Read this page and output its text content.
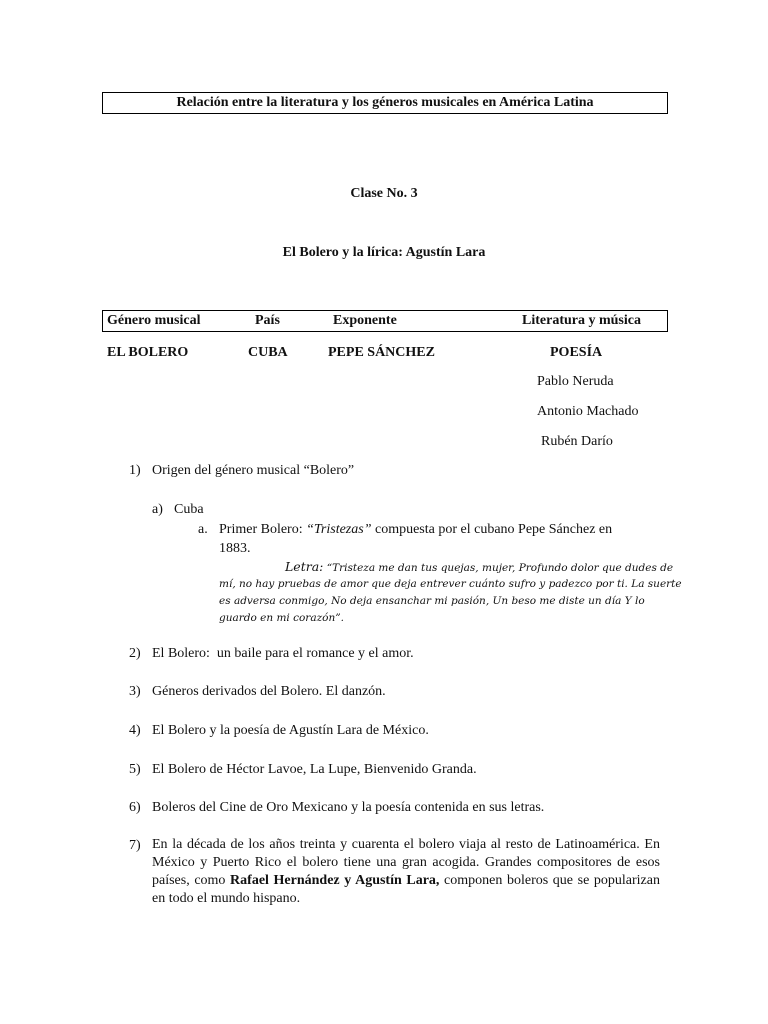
Relación entre la literatura y los géneros musicales en América Latina
Clase No. 3
El Bolero y la lírica: Agustín Lara
Género musical	País	Exponente	Literatura y música
EL BOLERO	CUBA	PEPE SÁNCHEZ	POESÍA
Pablo Neruda
Antonio Machado
Rubén Darío
1) Origen del género musical “Bolero”
a) Cuba
a. Primer Bolero: “Tristezas” compuesta por el cubano Pepe Sánchez en
1883.
Letra: “Tristeza me dan tus quejas, mujer, Profundo dolor que dudes de
mí, no hay pruebas de amor que deja entrever cuánto sufro y padezco por ti. La suerte
es adversa conmigo, No deja ensanchar mi pasión, Un beso me diste un día Y lo
guardo en mi corazón”.
2) El Bolero:  un baile para el romance y el amor.
3) Géneros derivados del Bolero. El danzón.
4) El Bolero y la poesía de Agustín Lara de México.
5) El Bolero de Héctor Lavoe, La Lupe, Bienvenido Granda.
6) Boleros del Cine de Oro Mexicano y la poesía contenida en sus letras.
7) En la década de los años treinta y cuarenta el bolero viaja al resto de Latinoamérica. En México y Puerto Rico el bolero tiene una gran acogida. Grandes compositores de esos países, como Rafael Hernández y Agustín Lara, componen boleros que se popularizan en todo el mundo hispano.
